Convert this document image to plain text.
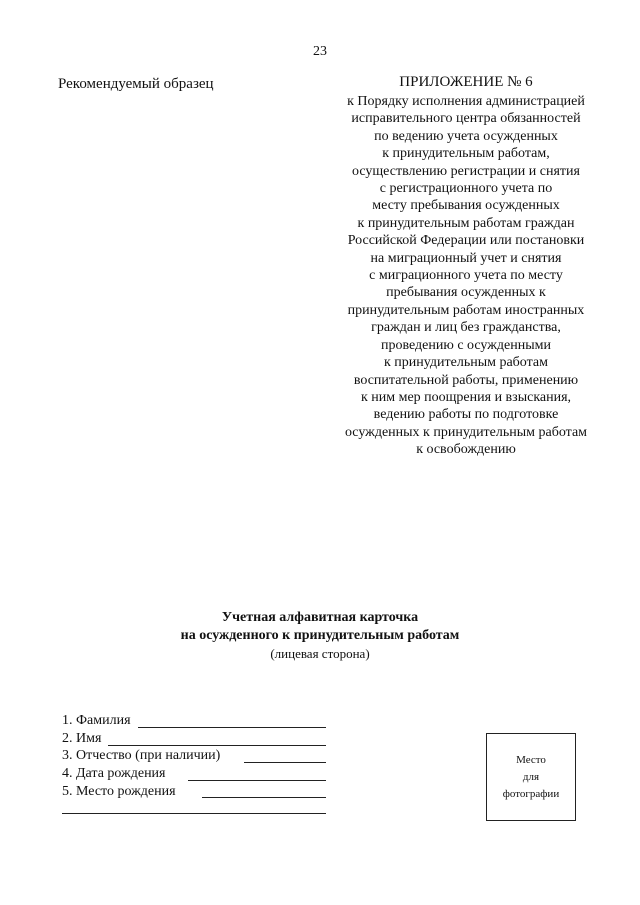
23
Рекомендуемый образец	ПРИЛОЖЕНИЕ № 6
к Порядку исполнения администрацией
исправительного центра обязанностей
по ведению учета осужденных
к принудительным работам,
осуществлению регистрации и снятия
с регистрационного учета по
месту пребывания осужденных
к принудительным работам граждан
Российской Федерации или постановки
на миграционный учет и снятия
с миграционного учета по месту
пребывания осужденных к
принудительным работам иностранных
граждан и лиц без гражданства,
проведению с осужденными
к принудительным работам
воспитательной работы, применению
к ним мер поощрения и взыскания,
ведению работы по подготовке
осужденных к принудительным работам
к освобождению
Учетная алфавитная карточка
на осужденного к принудительным работам
(лицевая сторона)
1. Фамилия
2. Имя
3. Отчество (при наличии)
4. Дата рождения
5. Место рождения
Место
для
фотографии
